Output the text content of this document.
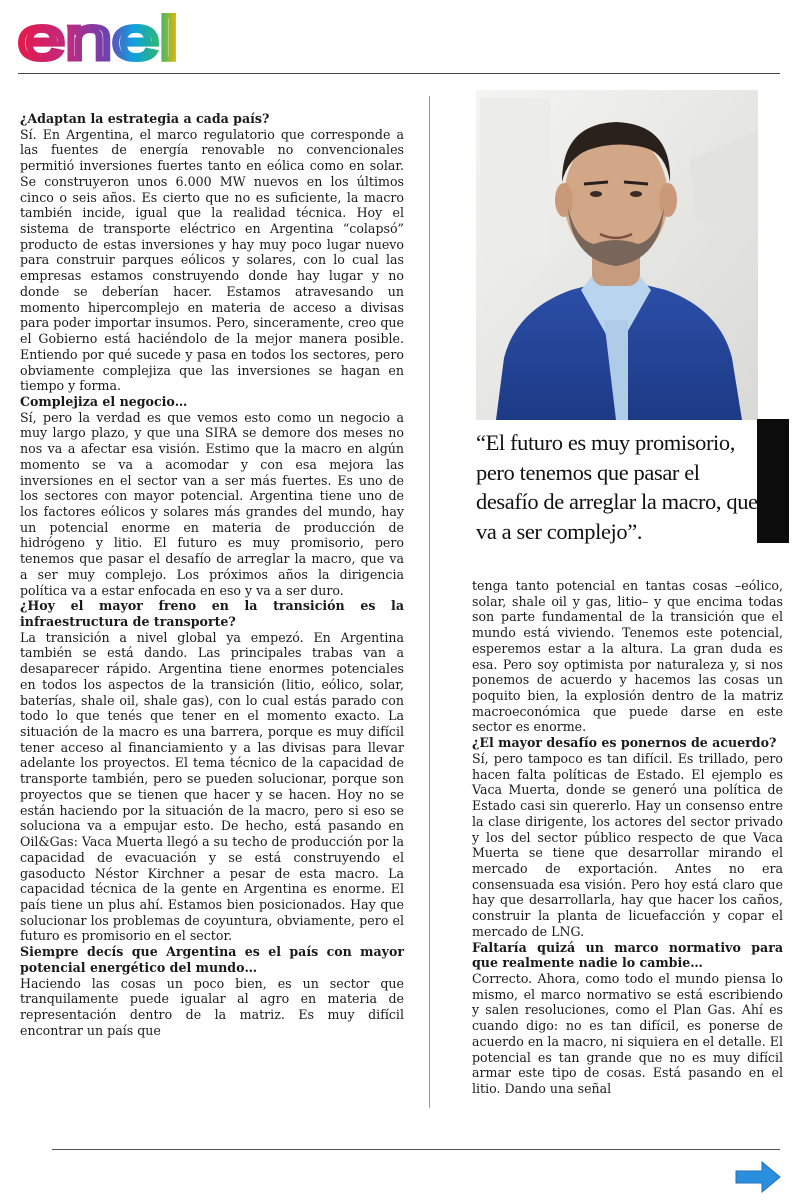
enel

¿Adaptan la estrategia a cada país?

Sí. En Argentina, el marco regulatorio que corresponde a las fuentes de energía renovable no convencionales permitió inversiones fuertes tanto en eólica como en solar. Se construyeron unos 6.000 MW nuevos en los últimos cinco o seis años. Es cierto que no es suficiente, la macro también incide, igual que la realidad técnica. Hoy el sistema de transporte eléctrico en Argentina “colapsó” producto de estas inversiones y hay muy poco lugar nuevo para construir parques eólicos y solares, con lo cual las empresas estamos construyendo donde hay lugar y no donde se deberían hacer. Estamos atravesando un momento hipercomplejo en materia de acceso a divisas para poder importar insumos. Pero, sinceramente, creo que el Gobierno está haciéndolo de la mejor manera posible. Entiendo por qué sucede y pasa en todos los sectores, pero obviamente complejiza que las inversiones se hagan en tiempo y forma.

Complejiza el negocio…

Sí, pero la verdad es que vemos esto como un negocio a muy largo plazo, y que una SIRA se demore dos meses no nos va a afectar esa visión. Estimo que la macro en algún momento se va a acomodar y con esa mejora las inversiones en el sector van a ser más fuertes. Es uno de los sectores con mayor potencial. Argentina tiene uno de los factores eólicos y solares más grandes del mundo, hay un potencial enorme en materia de producción de hidrógeno y litio. El futuro es muy promisorio, pero tenemos que pasar el desafío de arreglar la macro, que va a ser muy complejo. Los próximos años la dirigencia política va a estar enfocada en eso y va a ser duro.

¿Hoy el mayor freno en la transición es la infraestructura de transporte?

La transición a nivel global ya empezó. En Argentina también se está dando. Las principales trabas van a desaparecer rápido. Argentina tiene enormes potenciales en todos los aspectos de la transición (litio, eólico, solar, baterías, shale oil, shale gas), con lo cual estás parado con todo lo que tenés que tener en el momento exacto. La situación de la macro es una barrera, porque es muy difícil tener acceso al financiamiento y a las divisas para llevar adelante los proyectos. El tema técnico de la capacidad de transporte también, pero se pueden solucionar, porque son proyectos que se tienen que hacer y se hacen. Hoy no se están haciendo por la situación de la macro, pero si eso se soluciona va a empujar esto. De hecho, está pasando en Oil&Gas: Vaca Muerta llegó a su techo de producción por la capacidad de evacuación y se está construyendo el gasoducto Néstor Kirchner a pesar de esta macro. La capacidad técnica de la gente en Argentina es enorme. El país tiene un plus ahí. Estamos bien posicionados. Hay que solucionar los problemas de coyuntura, obviamente, pero el futuro es promisorio en el sector.

Siempre decís que Argentina es el país con mayor potencial energético del mundo…

Haciendo las cosas un poco bien, es un sector que tranquilamente puede igualar al agro en materia de representación dentro de la matriz. Es muy difícil encontrar un país que

“El futuro es muy promisorio, pero tenemos que pasar el desafío de arreglar la macro, que va a ser complejo”.

tenga tanto potencial en tantas cosas –eólico, solar, shale oil y gas, litio– y que encima todas son parte fundamental de la transición que el mundo está viviendo. Tenemos este potencial, esperemos estar a la altura. La gran duda es esa. Pero soy optimista por naturaleza y, si nos ponemos de acuerdo y hacemos las cosas un poquito bien, la explosión dentro de la matriz macroeconómica que puede darse en este sector es enorme.

¿El mayor desafío es ponernos de acuerdo?

Sí, pero tampoco es tan difícil. Es trillado, pero hacen falta políticas de Estado. El ejemplo es Vaca Muerta, donde se generó una política de Estado casi sin quererlo. Hay un consenso entre la clase dirigente, los actores del sector privado y los del sector público respecto de que Vaca Muerta se tiene que desarrollar mirando el mercado de exportación. Antes no era consensuada esa visión. Pero hoy está claro que hay que desarrollarla, hay que hacer los caños, construir la planta de licuefacción y copar el mercado de LNG.

Faltaría quizá un marco normativo para que realmente nadie lo cambie…

Correcto. Ahora, como todo el mundo piensa lo mismo, el marco normativo se está escribiendo y salen resoluciones, como el Plan Gas. Ahí es cuando digo: no es tan difícil, es ponerse de acuerdo en la macro, ni siquiera en el detalle. El potencial es tan grande que no es muy difícil armar este tipo de cosas. Está pasando en el litio. Dando una señal
